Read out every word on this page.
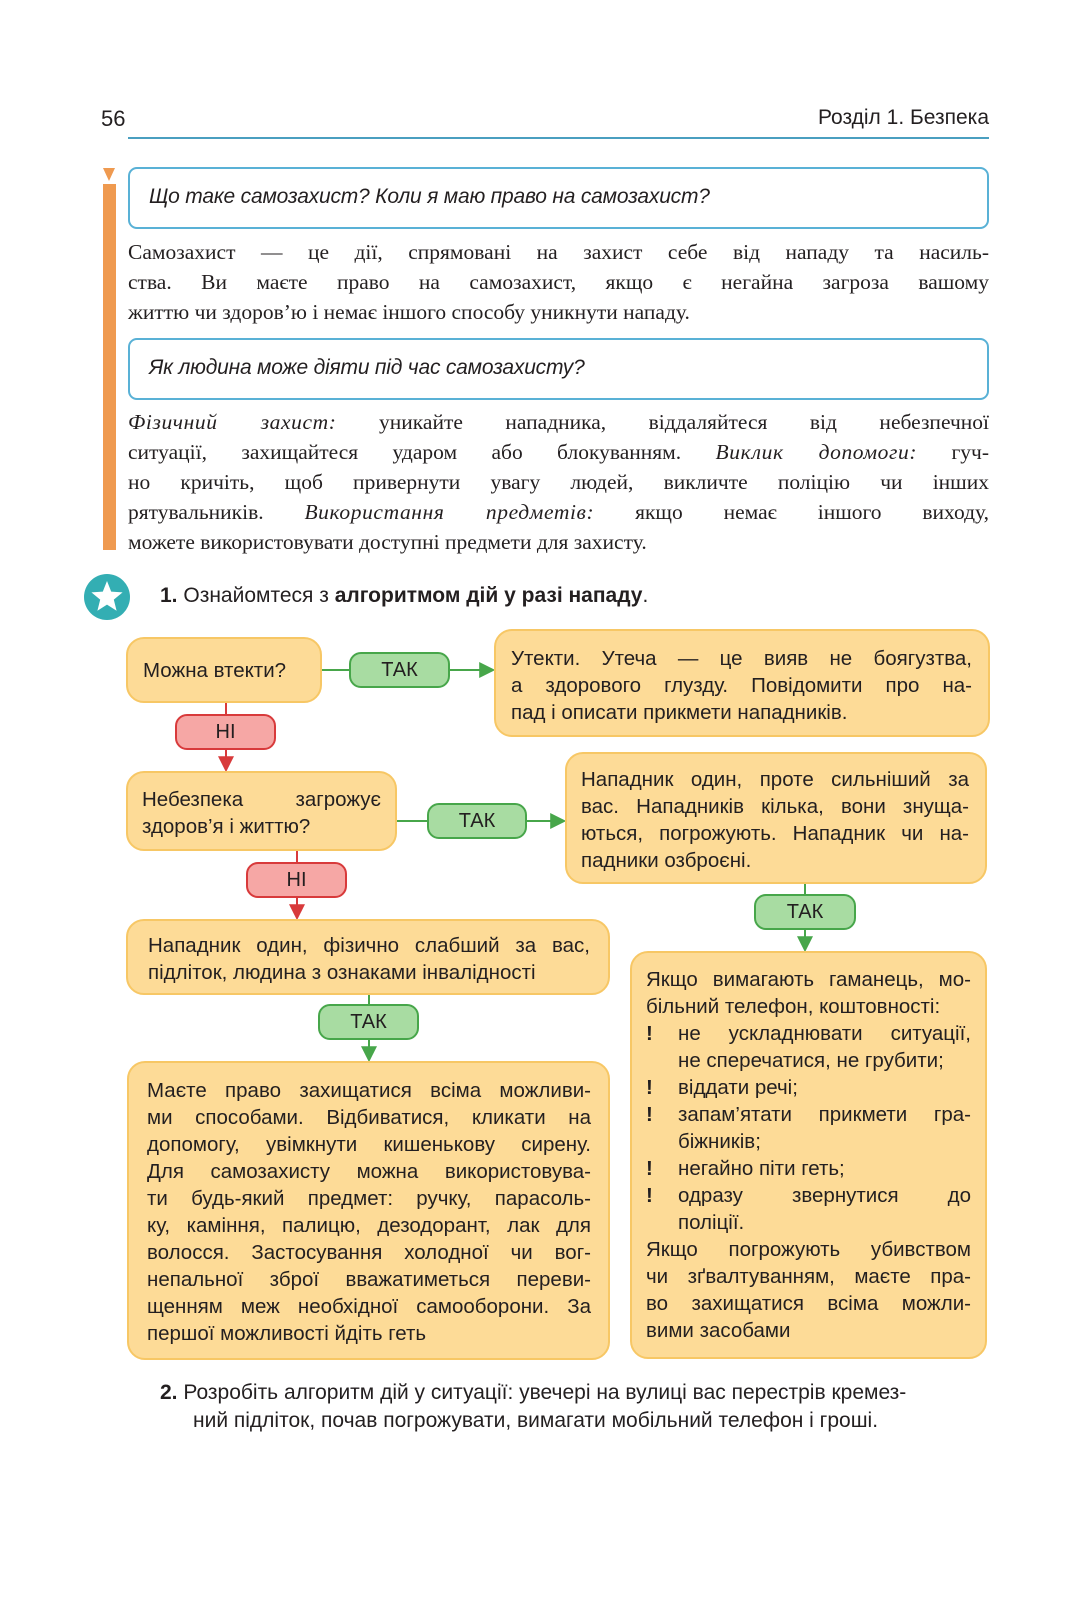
56	Розділ 1. Безпека
Що таке самозахист? Коли я маю право на самозахист?
Самозахист — це дії, спрямовані на захист себе від нападу та насиль-
ства. Ви маєте право на самозахист, якщо є негайна загроза вашому
життю чи здоров’ю і немає іншого способу уникнути нападу.
Як людина може діяти під час самозахисту?
Фізичний захист: уникайте нападника, віддаляйтеся від небезпечної
ситуації, захищайтеся ударом або блокуванням. Виклик допомоги: гуч-
но кричіть, щоб привернути увагу людей, викличте поліцію чи інших
рятувальників. Використання предметів: якщо немає іншого виходу,
можете використовувати доступні предмети для захисту.
1. Ознайомтеся з алгоритмом дій у разі нападу.
Можна втекти?
Утекти. Утеча — це вияв не боягузтва,
а здорового глузду. Повідомити про на-
пад і описати прикмети нападників.
Небезпека загрожує
здоров’я і життю?
Нападник один, проте сильніший за
вас. Нападників кілька, вони знуща-
ються, погрожують. Нападник чи на-
падники озброєні.
Нападник один, фізично слабший за вас,
підліток, людина з ознаками інвалідності
Маєте право захищатися всіма можливи-
ми способами. Відбиватися, кликати на
допомогу, увімкнути кишенькову сирену.
Для самозахисту можна використовува-
ти будь-який предмет: ручку, парасоль-
ку, каміння, палицю, дезодорант, лак для
волосся. Застосування холодної чи вог-
непальної зброї вважатиметься переви-
щенням меж необхідної самооборони. За
першої можливості йдіть геть
Якщо вимагають гаманець, мо-
більний телефон, коштовності:
! не ускладнювати ситуації,
не сперечатися, не грубити;
! віддати речі;
! запам’ятати прикмети гра-
біжників;
! негайно піти геть;
! одразу звернутися до
поліції.
Якщо погрожують убивством
чи зґвалтуванням, маєте пра-
во захищатися всіма можли-
вими засобами
ТАК
НІ
ТАК
НІ
ТАК
ТАК
2. Розробіть алгоритм дій у ситуації: увечері на вулиці вас перестрів кремез-
ний підліток, почав погрожувати, вимагати мобільний телефон і гроші.
